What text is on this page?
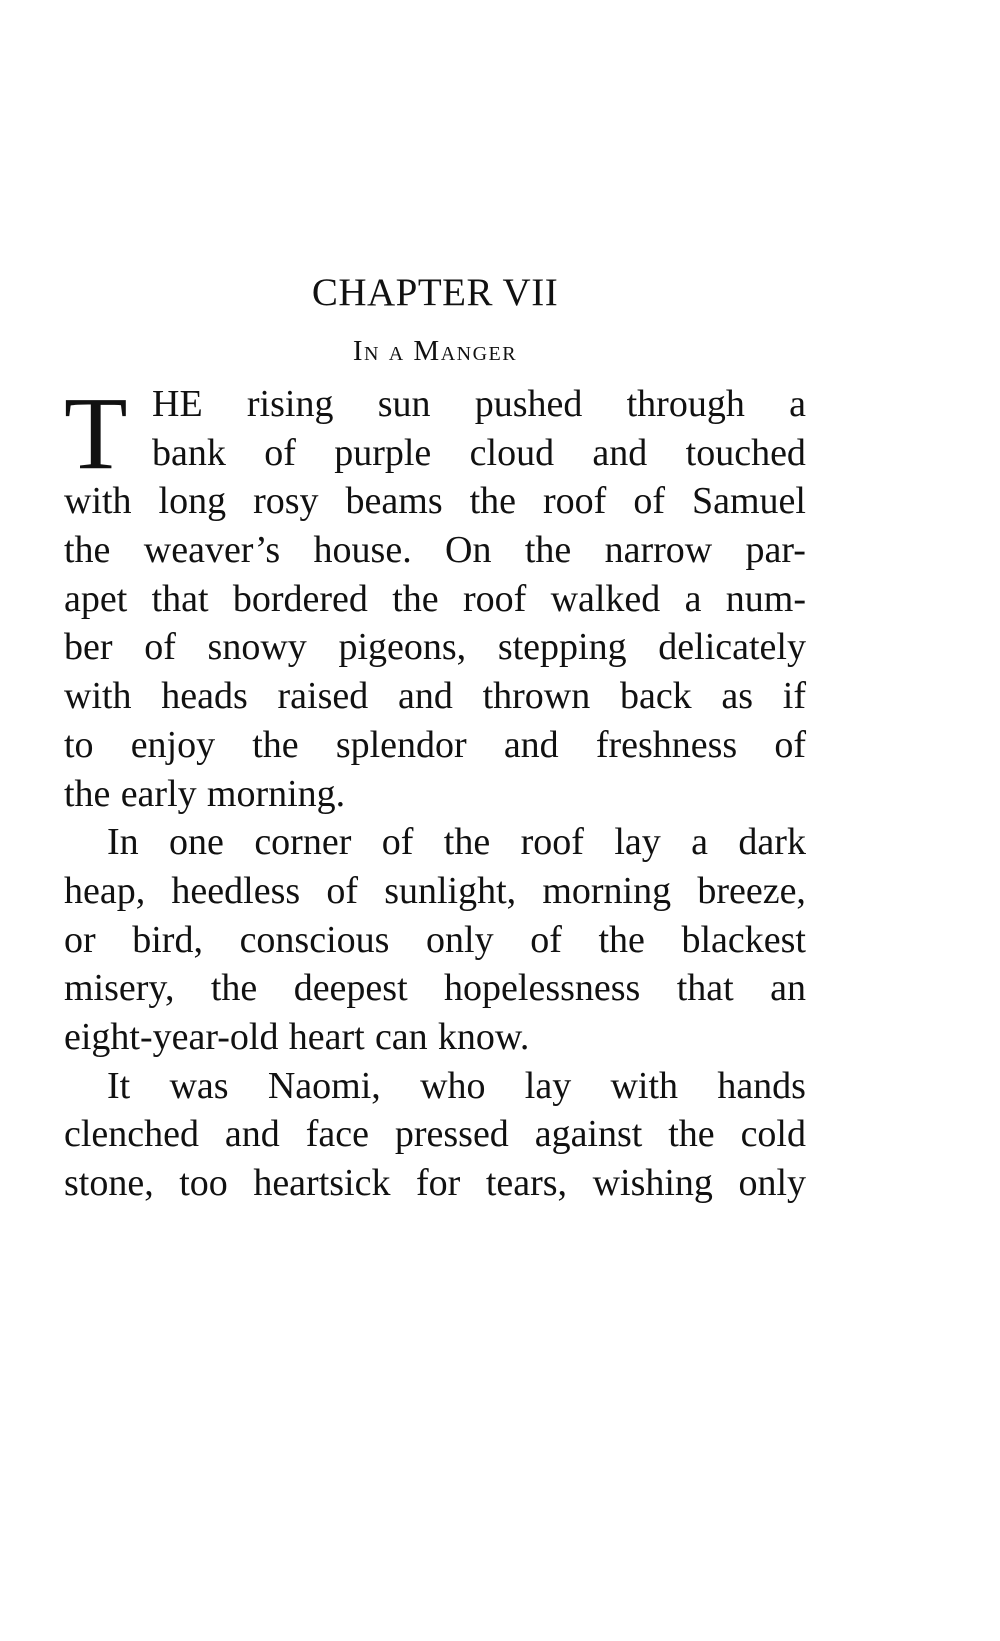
CHAPTER VII
In a Manger
T HE rising sun pushed through a
bank of purple cloud and touched
with long rosy beams the roof of Samuel
the weaver’s house. On the narrow par-
apet that bordered the roof walked a num-
ber of snowy pigeons, stepping delicately
with heads raised and thrown back as if
to enjoy the splendor and freshness of
the early morning.
In one corner of the roof lay a dark
heap, heedless of sunlight, morning breeze,
or bird, conscious only of the blackest
misery, the deepest hopelessness that an
eight-year-old heart can know.
It was Naomi, who lay with hands
clenched and face pressed against the cold
stone, too heartsick for tears, wishing only
